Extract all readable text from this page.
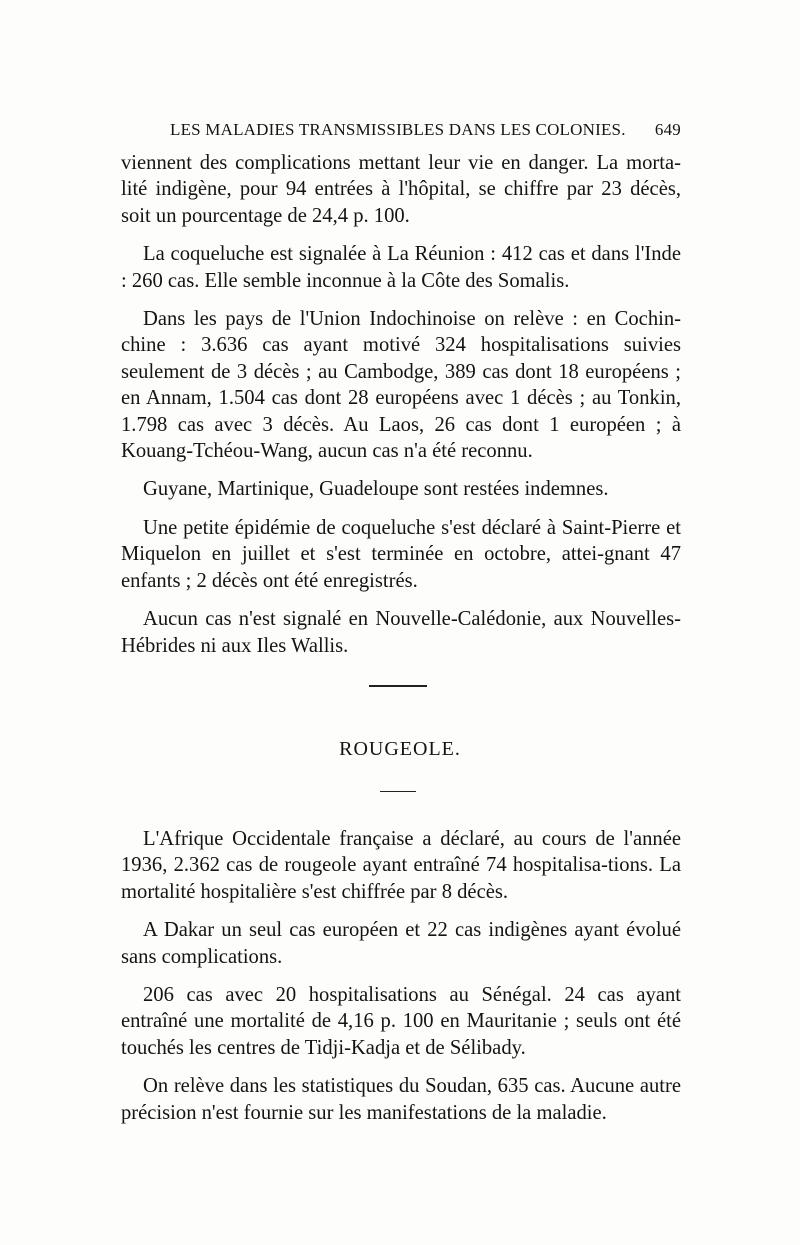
LES MALADIES TRANSMISSIBLES DANS LES COLONIES. 649

viennent des complications mettant leur vie en danger. La morta-lité indigène, pour 94 entrées à l'hôpital, se chiffre par 23 décès, soit un pourcentage de 24,4 p. 100.

La coqueluche est signalée à La Réunion : 412 cas et dans l'Inde : 260 cas. Elle semble inconnue à la Côte des Somalis.

Dans les pays de l'Union Indochinoise on relève : en Cochin-chine : 3.636 cas ayant motivé 324 hospitalisations suivies seulement de 3 décès ; au Cambodge, 389 cas dont 18 européens ; en Annam, 1.504 cas dont 28 européens avec 1 décès ; au Tonkin, 1.798 cas avec 3 décès. Au Laos, 26 cas dont 1 européen ; à Kouang-Tchéou-Wang, aucun cas n'a été reconnu.

Guyane, Martinique, Guadeloupe sont restées indemnes.

Une petite épidémie de coqueluche s'est déclaré à Saint-Pierre et Miquelon en juillet et s'est terminée en octobre, attei-gnant 47 enfants ; 2 décès ont été enregistrés.

Aucun cas n'est signalé en Nouvelle-Calédonie, aux Nouvelles-Hébrides ni aux Iles Wallis.

ROUGEOLE.

L'Afrique Occidentale française a déclaré, au cours de l'année 1936, 2.362 cas de rougeole ayant entraîné 74 hospitalisa-tions. La mortalité hospitalière s'est chiffrée par 8 décès.

A Dakar un seul cas européen et 22 cas indigènes ayant évolué sans complications.

206 cas avec 20 hospitalisations au Sénégal. 24 cas ayant entraîné une mortalité de 4,16 p. 100 en Mauritanie ; seuls ont été touchés les centres de Tidji-Kadja et de Sélibady.

On relève dans les statistiques du Soudan, 635 cas. Aucune autre précision n'est fournie sur les manifestations de la maladie.
